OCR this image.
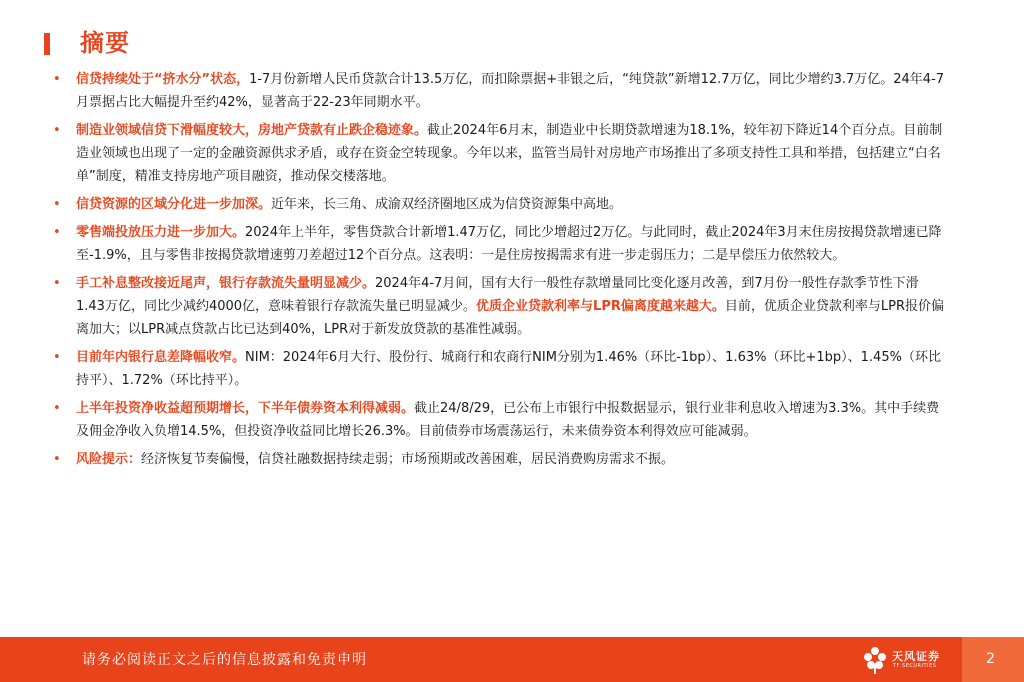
摘要
• 信贷持续处于“挤水分”状态，1-7月份新增人民币贷款合计13.5万亿，而扣除票据+非银之后，“纯贷款”新增12.7万亿，同比少增约3.7万亿。24年4-7月票据占比大幅提升至约42%，显著高于22-23年同期水平。
• 制造业领域信贷下滑幅度较大，房地产贷款有止跌企稳迹象。截止2024年6月末，制造业中长期贷款增速为18.1%，较年初下降近14个百分点。目前制造业领域也出现了一定的金融资源供求矛盾，或存在资金空转现象。今年以来，监管当局针对房地产市场推出了多项支持性工具和举措，包括建立“白名单”制度，精准支持房地产项目融资，推动保交楼落地。
• 信贷资源的区域分化进一步加深。近年来，长三角、成渝双经济圈地区成为信贷资源集中高地。
• 零售端投放压力进一步加大。2024年上半年，零售贷款合计新增1.47万亿，同比少增超过2万亿。与此同时，截止2024年3月末住房按揭贷款增速已降至-1.9%，且与零售非按揭贷款增速剪刀差超过12个百分点。这表明：一是住房按揭需求有进一步走弱压力；二是早偿压力依然较大。
• 手工补息整改接近尾声，银行存款流失量明显减少。2024年4-7月间，国有大行一般性存款增量同比变化逐月改善，到7月份一般性存款季节性下滑1.43万亿，同比少减约4000亿，意味着银行存款流失量已明显减少。优质企业贷款利率与LPR偏离度越来越大。目前，优质企业贷款利率与LPR报价偏离加大；以LPR减点贷款占比已达到40%，LPR对于新发放贷款的基准性减弱。
• 目前年内银行息差降幅收窄。NIM：2024年6月大行、股份行、城商行和农商行NIM分别为1.46%（环比-1bp）、1.63%（环比+1bp）、1.45%（环比持平）、1.72%（环比持平）。
• 上半年投资净收益超预期增长，下半年债券资本利得减弱。截止24/8/29，已公布上市银行中报数据显示，银行业非利息收入增速为3.3%。其中手续费及佣金净收入负增14.5%，但投资净收益同比增长26.3%。目前债券市场震荡运行，未来债券资本利得效应可能减弱。
• 风险提示：经济恢复节奏偏慢，信贷社融数据持续走弱；市场预期或改善困难，居民消费购房需求不振。
请务必阅读正文之后的信息披露和免责申明	天风证券
TF SECURITIES	2
